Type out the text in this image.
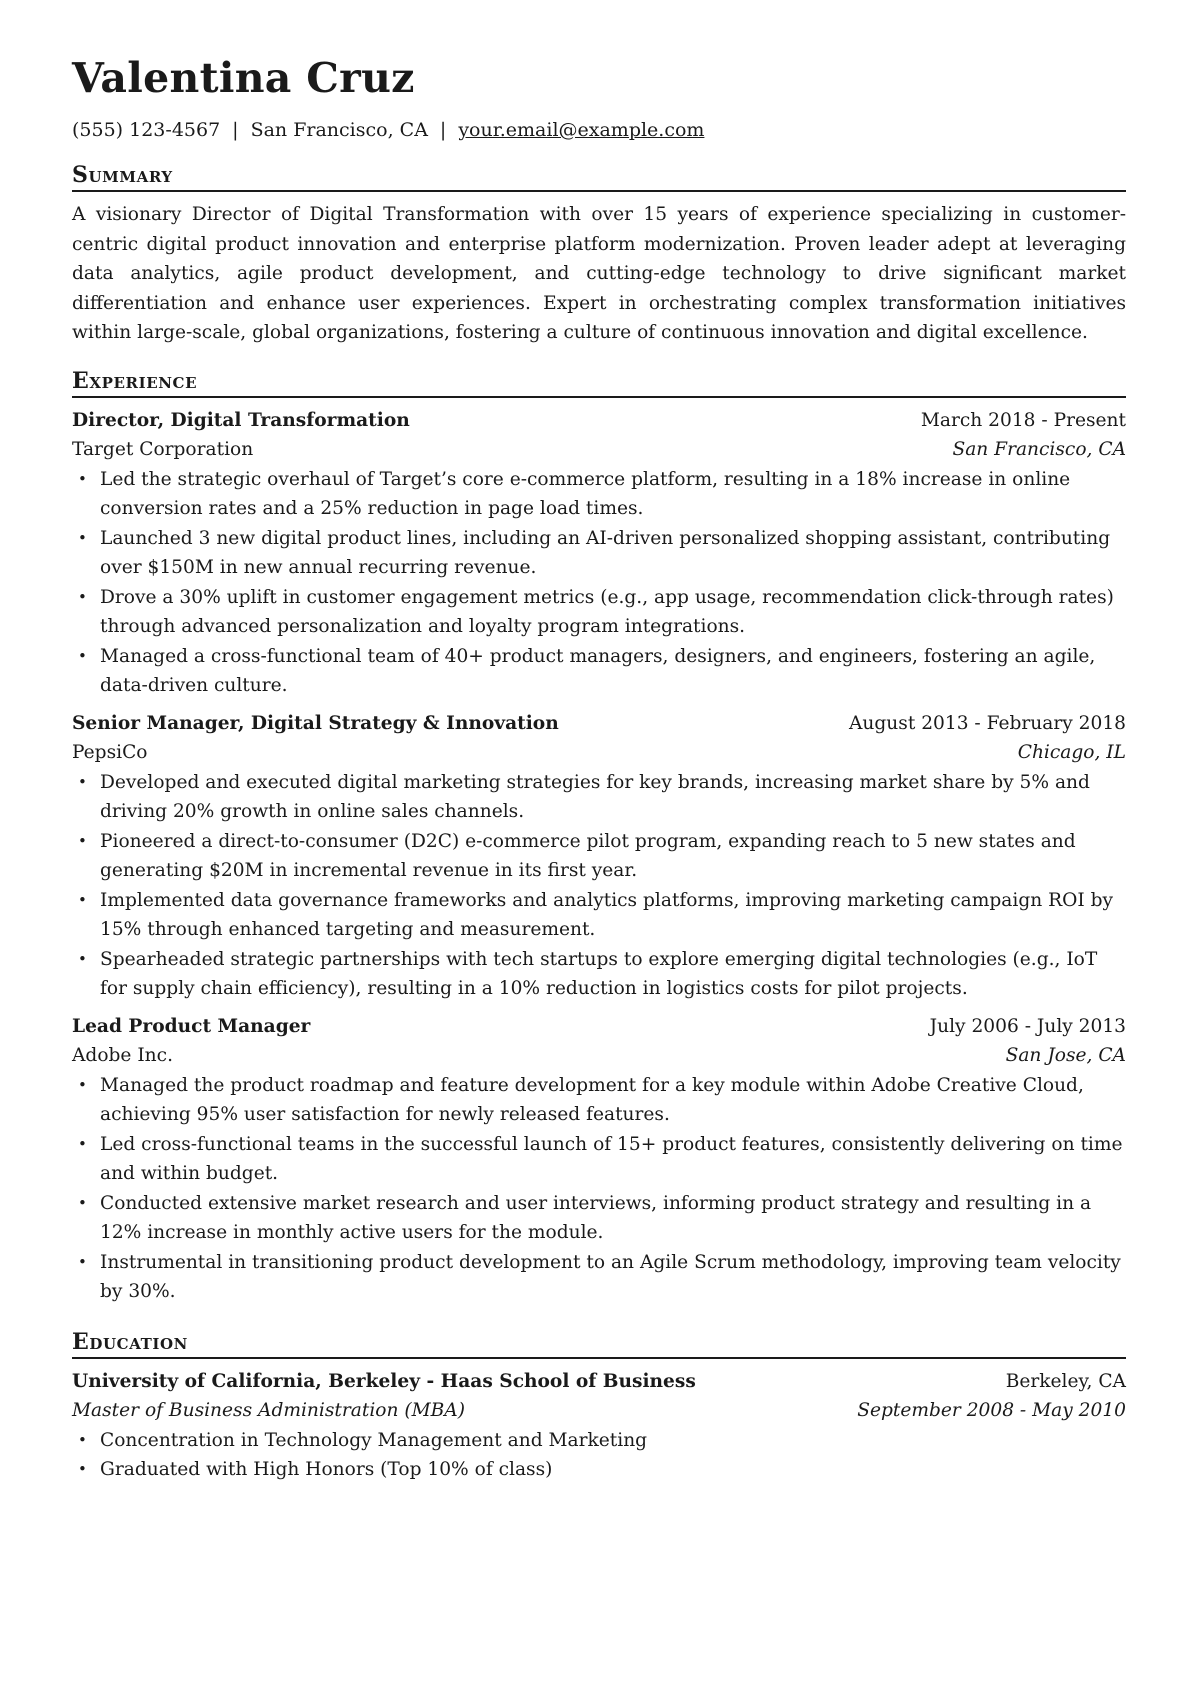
Valentina Cruz
(555) 123-4567 | San Francisco, CA | your.email@example.com
Summary
A visionary Director of Digital Transformation with over 15 years of experience specializing in customer-centric digital product innovation and enterprise platform modernization. Proven leader adept at leveraging data analytics, agile product development, and cutting-edge technology to drive significant market differentiation and enhance user experiences. Expert in orchestrating complex transformation initiatives within large-scale, global organizations, fostering a culture of continuous innovation and digital excellence.
Experience
Director, Digital Transformation	March 2018 - Present
Target Corporation	San Francisco, CA
• Led the strategic overhaul of Target’s core e-commerce platform, resulting in a 18% increase in online conversion rates and a 25% reduction in page load times.
• Launched 3 new digital product lines, including an AI-driven personalized shopping assistant, contributing over $150M in new annual recurring revenue.
• Drove a 30% uplift in customer engagement metrics (e.g., app usage, recommendation click-through rates) through advanced personalization and loyalty program integrations.
• Managed a cross-functional team of 40+ product managers, designers, and engineers, fostering an agile, data-driven culture.
Senior Manager, Digital Strategy & Innovation	August 2013 - February 2018
PepsiCo	Chicago, IL
• Developed and executed digital marketing strategies for key brands, increasing market share by 5% and driving 20% growth in online sales channels.
• Pioneered a direct-to-consumer (D2C) e-commerce pilot program, expanding reach to 5 new states and generating $20M in incremental revenue in its first year.
• Implemented data governance frameworks and analytics platforms, improving marketing campaign ROI by 15% through enhanced targeting and measurement.
• Spearheaded strategic partnerships with tech startups to explore emerging digital technologies (e.g., IoT for supply chain efficiency), resulting in a 10% reduction in logistics costs for pilot projects.
Lead Product Manager	July 2006 - July 2013
Adobe Inc.	San Jose, CA
• Managed the product roadmap and feature development for a key module within Adobe Creative Cloud, achieving 95% user satisfaction for newly released features.
• Led cross-functional teams in the successful launch of 15+ product features, consistently delivering on time and within budget.
• Conducted extensive market research and user interviews, informing product strategy and resulting in a 12% increase in monthly active users for the module.
• Instrumental in transitioning product development to an Agile Scrum methodology, improving team velocity by 30%.
Education
University of California, Berkeley - Haas School of Business	Berkeley, CA
Master of Business Administration (MBA)	September 2008 - May 2010
• Concentration in Technology Management and Marketing
• Graduated with High Honors (Top 10% of class)
